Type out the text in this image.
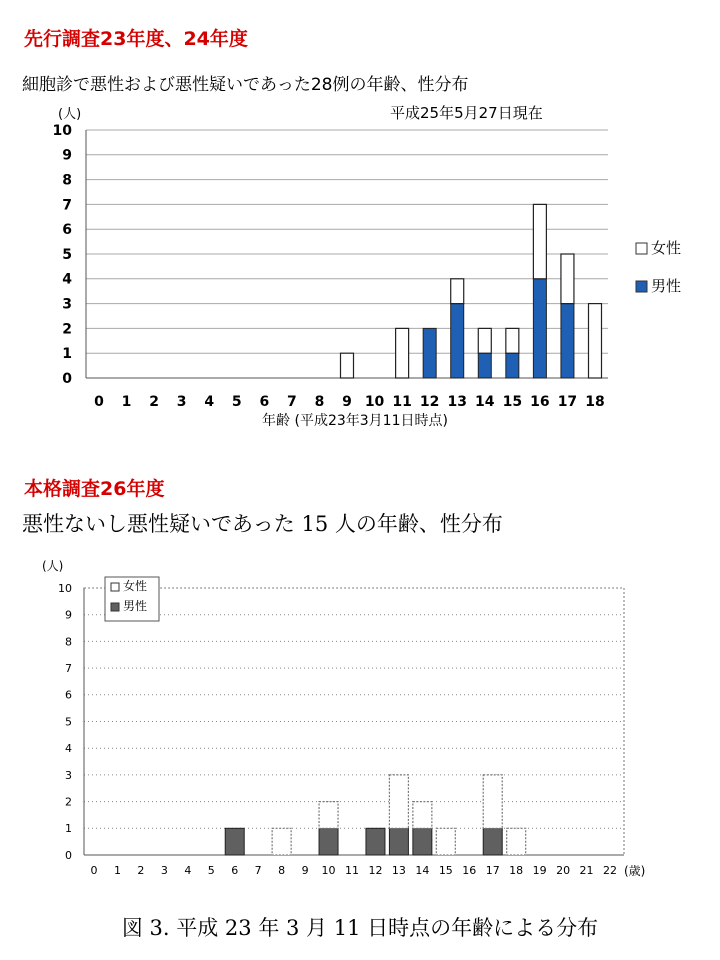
先行調査23年度、24年度
細胞診で悪性および悪性疑いであった28例の年齢、性分布
(人)	平成25年5月27日現在
年齢 (平成23年3月11日時点)
0
1
2
3
4
5
6
7
8
9
10
0 1 2 3 4 5 6 7 8 9 10 11 12 13 14 15 16 17 18
女性
男性
本格調査26年度
悪性ないし悪性疑いであった 15 人の年齢、性分布
(人)
(歳)
0
1
2
3
4
5
6
7
8
9
10
0 1 2 3 4 5 6 7 8 9 10 11 12 13 14 15 16 17 18 19 20 21 22
女性
男性
図 3. 平成 23 年 3 月 11 日時点の年齢による分布
